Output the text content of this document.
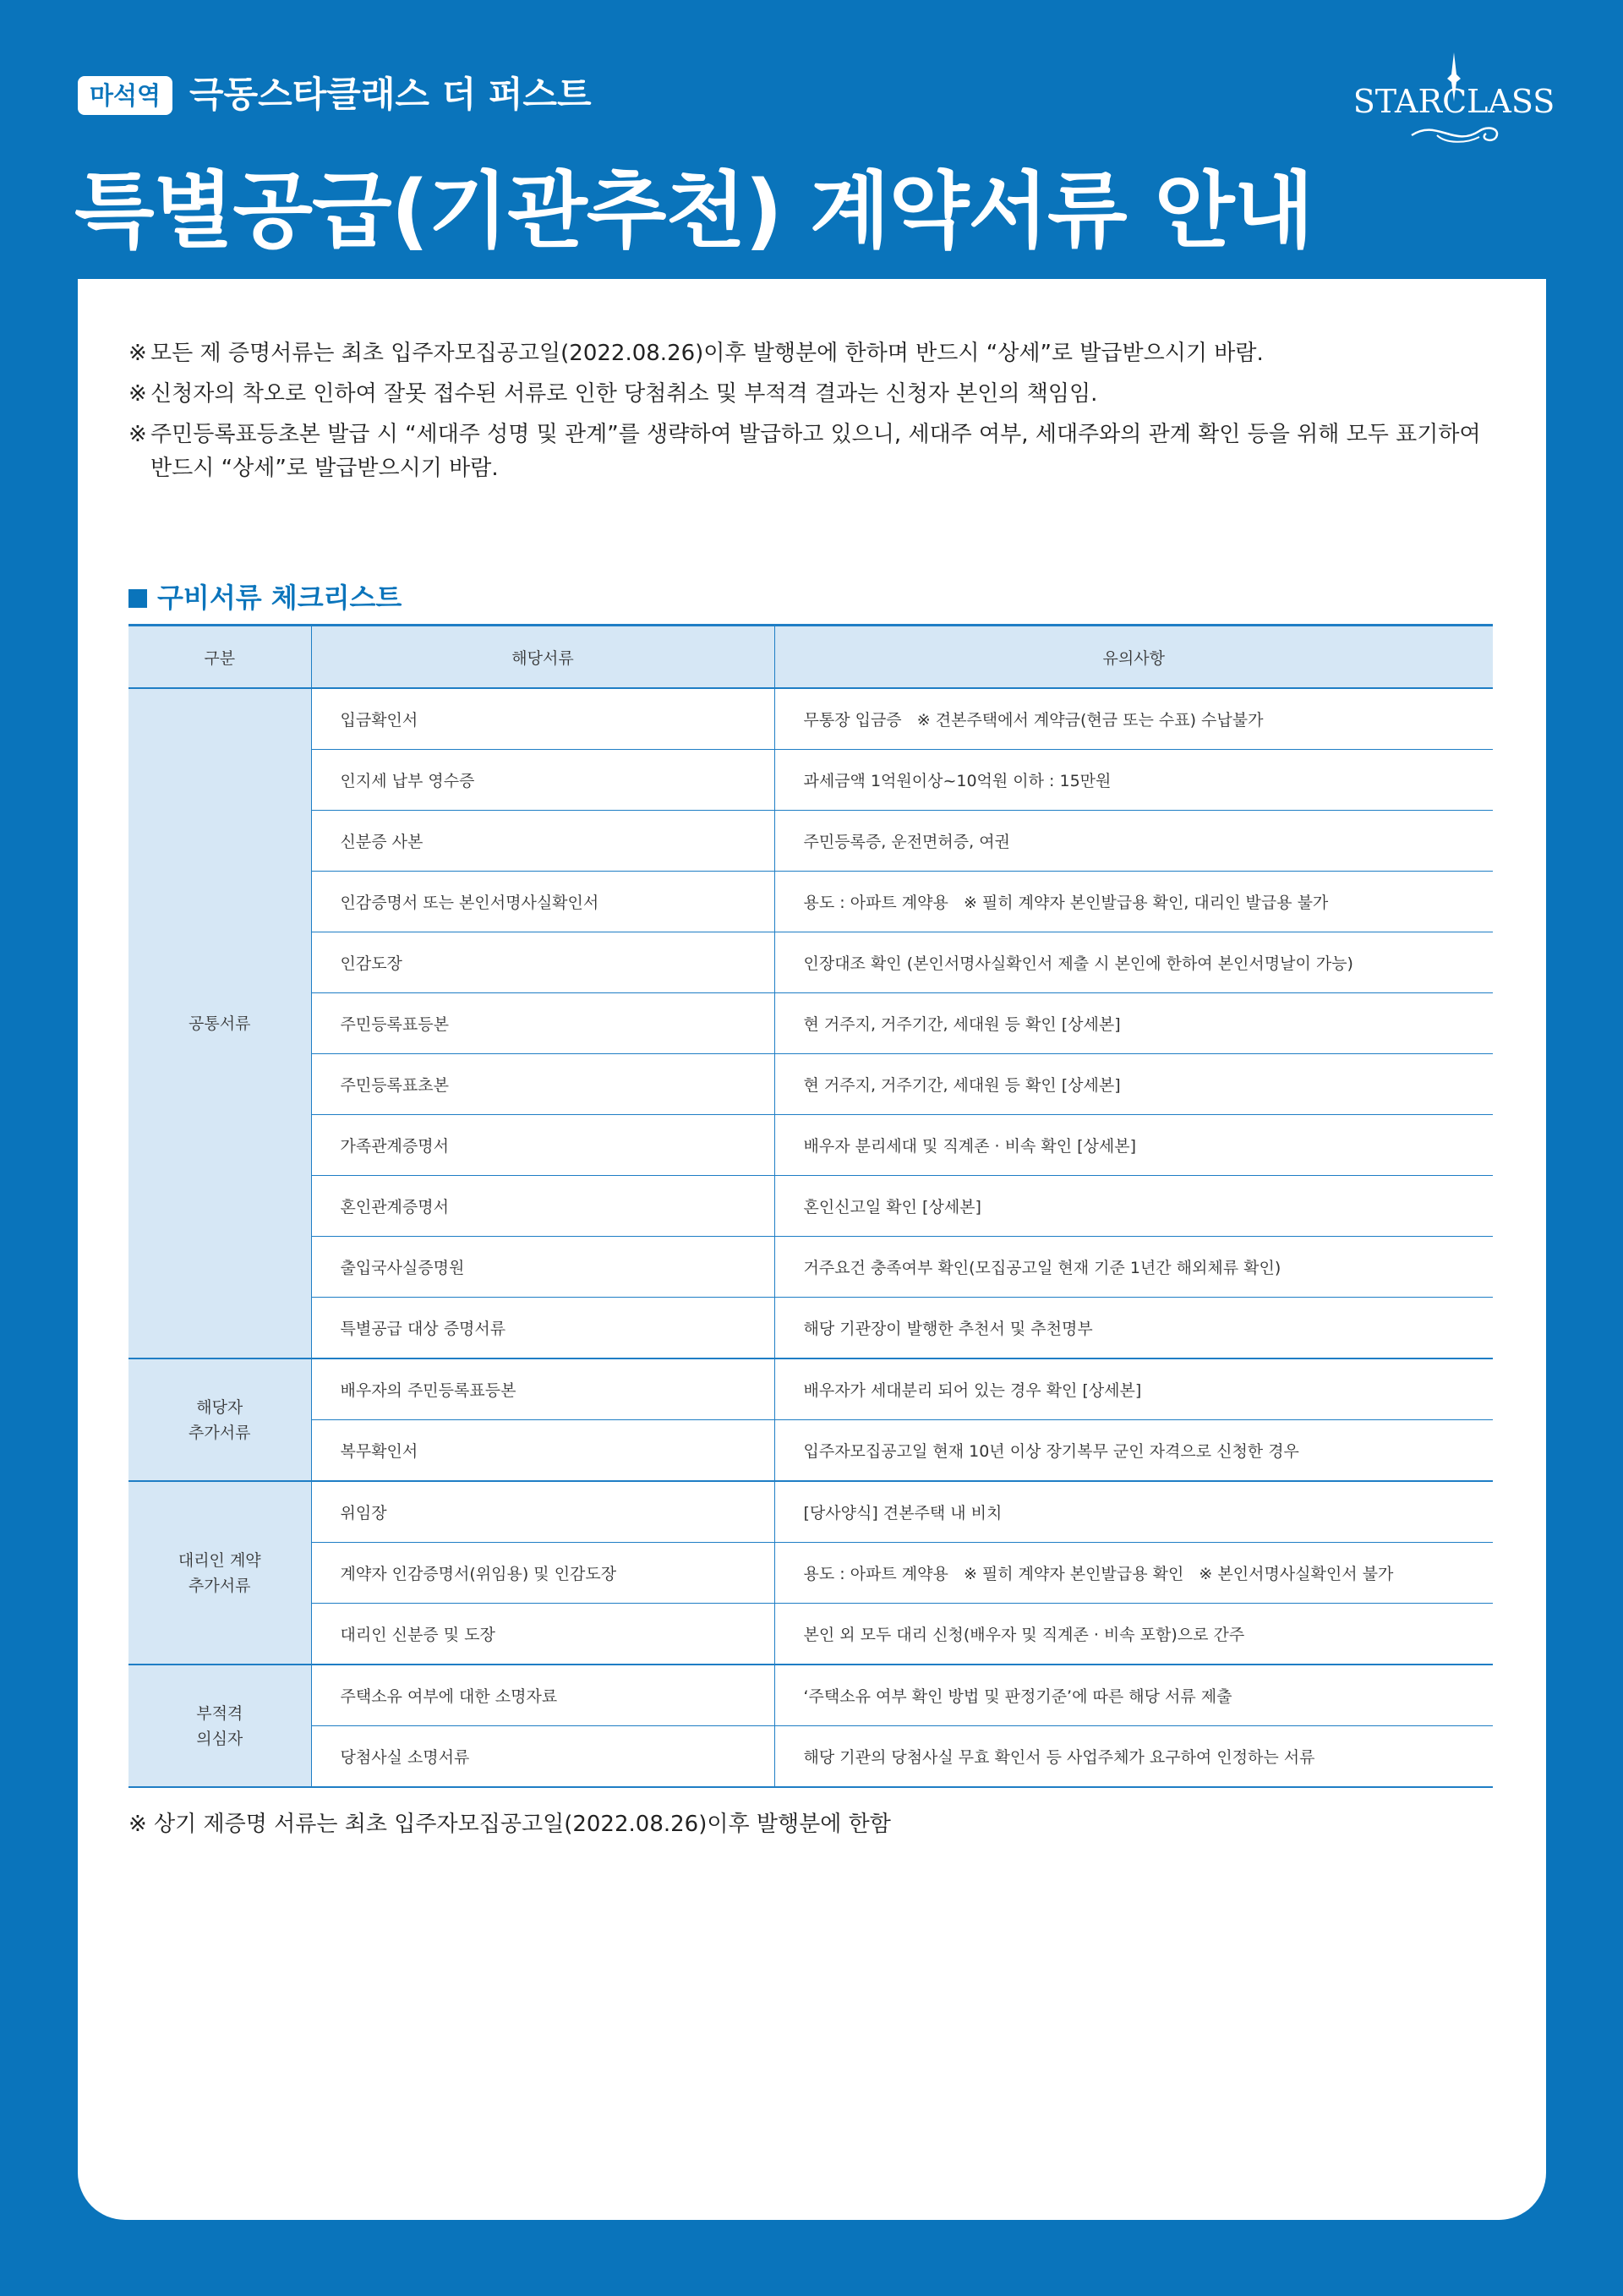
마석역 극동스타클래스 더 퍼스트
특별공급(기관추천) 계약서류 안내
STARCLASS
※ 모든 제 증명서류는 최초 입주자모집공고일(2022.08.26)이후 발행분에 한하며 반드시 “상세”로 발급받으시기 바람.
※ 신청자의 착오로 인하여 잘못 접수된 서류로 인한 당첨취소 및 부적격 결과는 신청자 본인의 책임임.
※ 주민등록표등초본 발급 시 “세대주 성명 및 관계”를 생략하여 발급하고 있으니, 세대주 여부, 세대주와의 관계 확인 등을 위해 모두 표기하여 반드시 “상세”로 발급받으시기 바람.
구비서류 체크리스트
구분	해당서류	유의사항
공통서류	입금확인서	무통장 입금증   ※ 견본주택에서 계약금(현금 또는 수표) 수납불가
	인지세 납부 영수증	과세금액 1억원이상~10억원 이하 : 15만원
	신분증 사본	주민등록증, 운전면허증, 여권
	인감증명서 또는 본인서명사실확인서	용도 : 아파트 계약용   ※ 필히 계약자 본인발급용 확인, 대리인 발급용 불가
	인감도장	인장대조 확인 (본인서명사실확인서 제출 시 본인에 한하여 본인서명날이 가능)
	주민등록표등본	현 거주지, 거주기간, 세대원 등 확인 [상세본]
	주민등록표초본	현 거주지, 거주기간, 세대원 등 확인 [상세본]
	가족관계증명서	배우자 분리세대 및 직계존 · 비속 확인 [상세본]
	혼인관계증명서	혼인신고일 확인 [상세본]
	출입국사실증명원	거주요건 충족여부 확인(모집공고일 현재 기준 1년간 해외체류 확인)
	특별공급 대상 증명서류	해당 기관장이 발행한 추천서 및 추천명부
해당자
추가서류	배우자의 주민등록표등본	배우자가 세대분리 되어 있는 경우 확인 [상세본]
	복무확인서	입주자모집공고일 현재 10년 이상 장기복무 군인 자격으로 신청한 경우
대리인 계약
추가서류	위임장	[당사양식] 견본주택 내 비치
	계약자 인감증명서(위임용) 및 인감도장	용도 : 아파트 계약용   ※ 필히 계약자 본인발급용 확인   ※ 본인서명사실확인서 불가
	대리인 신분증 및 도장	본인 외 모두 대리 신청(배우자 및 직계존 · 비속 포함)으로 간주
부적격
의심자	주택소유 여부에 대한 소명자료	‘주택소유 여부 확인 방법 및 판정기준’에 따른 해당 서류 제출
	당첨사실 소명서류	해당 기관의 당첨사실 무효 확인서 등 사업주체가 요구하여 인정하는 서류
※ 상기 제증명 서류는 최초 입주자모집공고일(2022.08.26)이후 발행분에 한함
